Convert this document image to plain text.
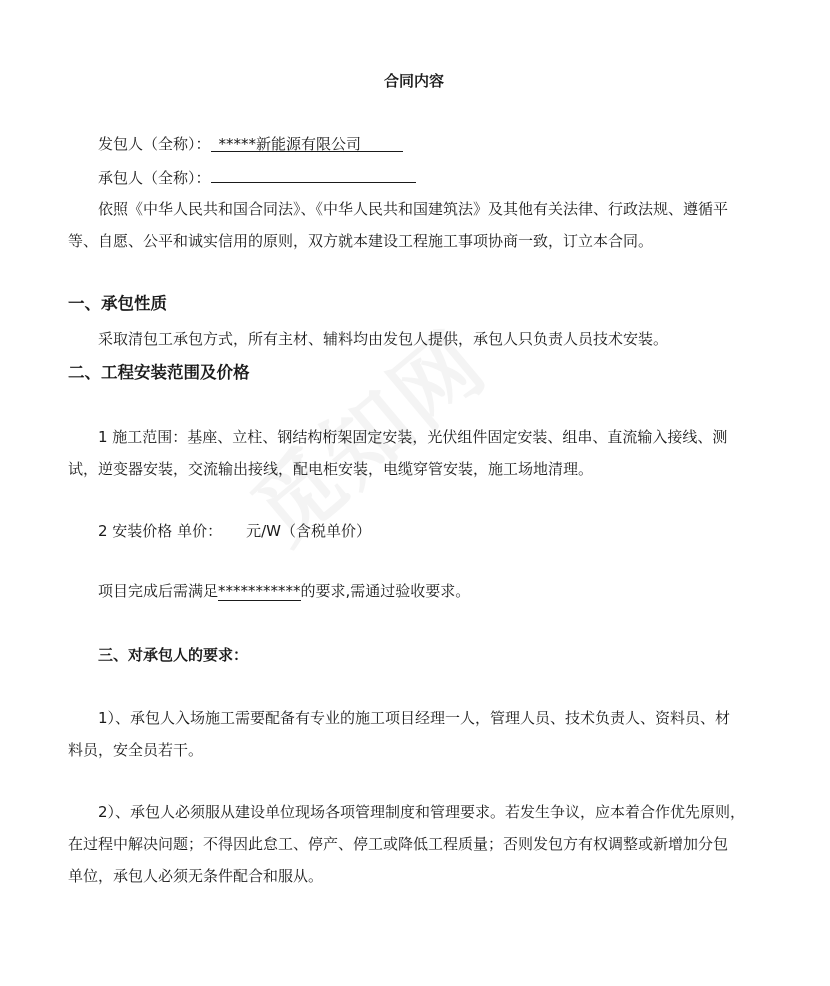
合同内容
发包人（全称）： *****新能源有限公司
承包人（全称）：
依照《中华人民共和国合同法》、《中华人民共和国建筑法》及其他有关法律、行政法规、遵循平
等、自愿、公平和诚实信用的原则，双方就本建设工程施工事项协商一致，订立本合同。
一、承包性质
采取清包工承包方式，所有主材、辅料均由发包人提供，承包人只负责人员技术安装。
二、工程安装范围及价格
1 施工范围：基座、立柱、钢结构桁架固定安装，光伏组件固定安装、组串、直流输入接线、测
试，逆变器安装，交流输出接线，配电柜安装，电缆穿管安装，施工场地清理。
2 安装价格 单价： 元/W（含税单价）
项目完成后需满足***********的要求,需通过验收要求。
三、对承包人的要求：
1）、承包人入场施工需要配备有专业的施工项目经理一人，管理人员、技术负责人、资料员、材
料员，安全员若干。
2）、承包人必须服从建设单位现场各项管理制度和管理要求。若发生争议，应本着合作优先原则，
在过程中解决问题；不得因此怠工、停产、停工或降低工程质量；否则发包方有权调整或新增加分包
单位，承包人必须无条件配合和服从。
